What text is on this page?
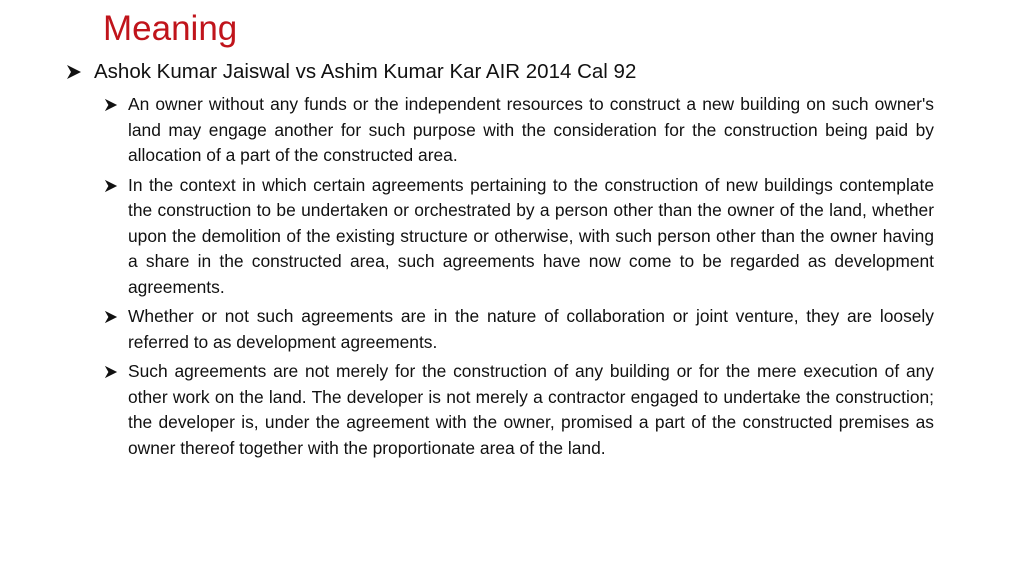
Meaning
Ashok Kumar Jaiswal vs Ashim Kumar Kar AIR 2014 Cal 92
An owner without any funds or the independent resources to construct a new building on such owner's land may engage another for such purpose with the consideration for the construction being paid by allocation of a part of the constructed area.
In the context in which certain agreements pertaining to the construction of new buildings contemplate the construction to be undertaken or orchestrated by a person other than the owner of the land, whether upon the demolition of the existing structure or otherwise, with such person other than the owner having a share in the constructed area, such agreements have now come to be regarded as development agreements.
Whether or not such agreements are in the nature of collaboration or joint venture, they are loosely referred to as development agreements.
Such agreements are not merely for the construction of any building or for the mere execution of any other work on the land. The developer is not merely a contractor engaged to undertake the construction; the developer is, under the agreement with the owner, promised a part of the constructed premises as owner thereof together with the proportionate area of the land.
